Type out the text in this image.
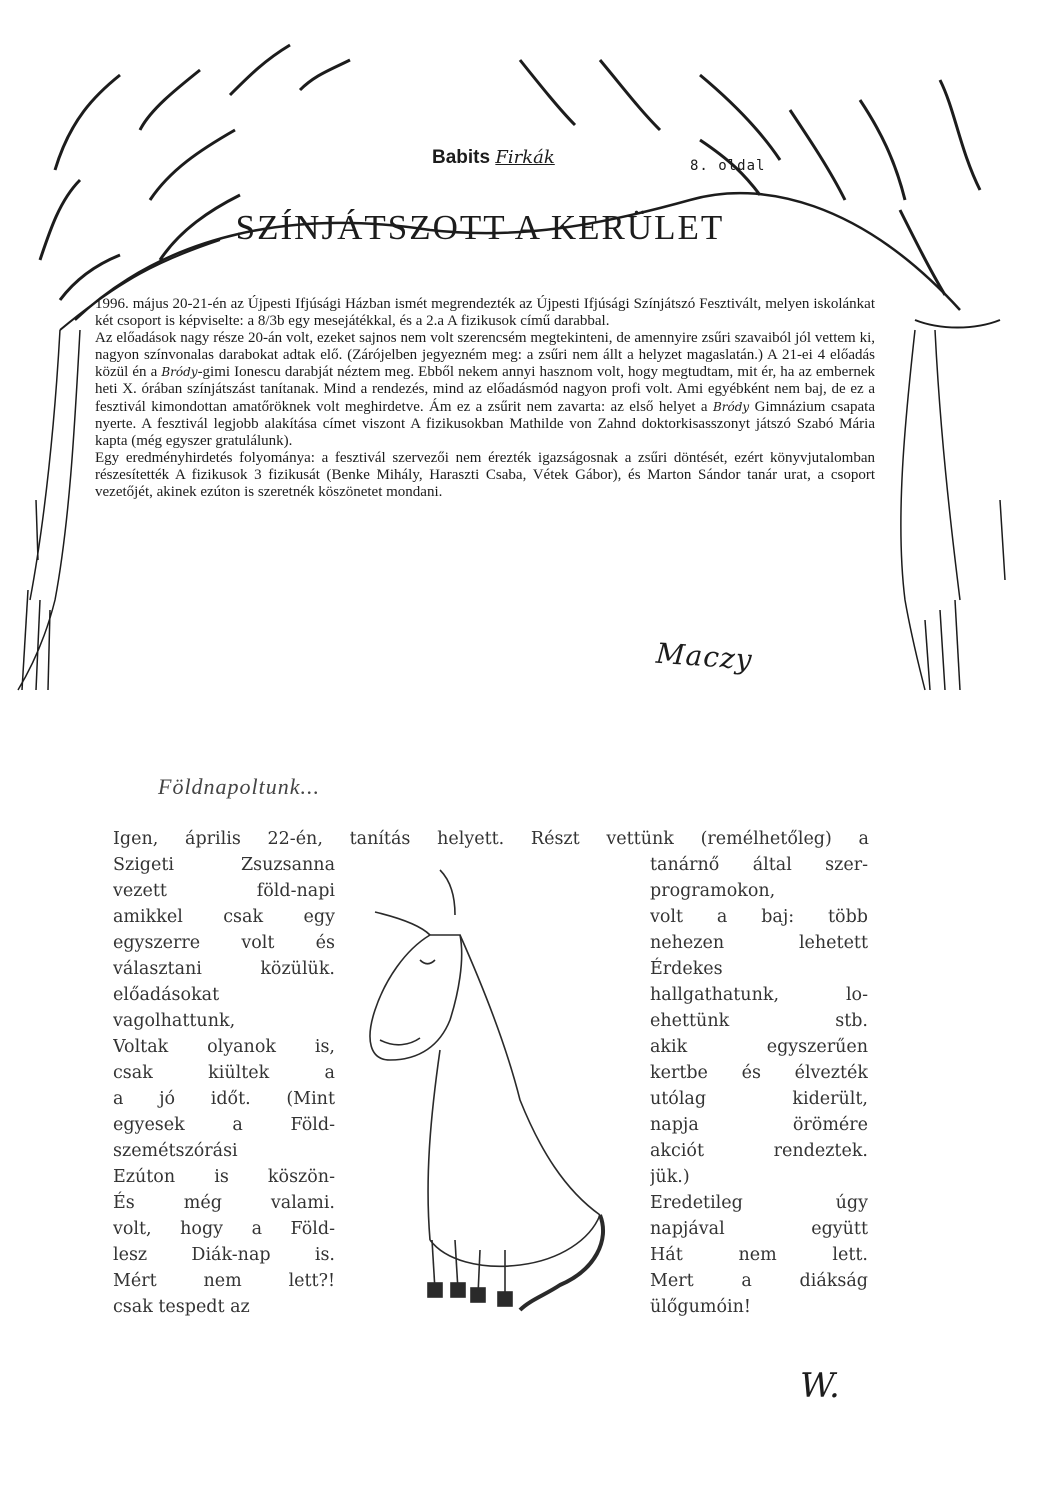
Babits Firkák	8. oldal
SZÍNJÁTSZOTT A KERÜLET

1996. május 20-21-én az Újpesti Ifjúsági Házban ismét megrendezték az Újpesti Ifjúsági Színjátszó Fesztivált, melyen iskolánkat két csoport is képviselte: a 8/3b egy mesejátékkal, és a 2.a A fizikusok című darabbal.

Az előadások nagy része 20-án volt, ezeket sajnos nem volt szerencsém megtekinteni, de amennyire zsűri szavaiból jól vettem ki, nagyon színvonalas darabokat adtak elő. (Zárójelben jegyezném meg: a zsűri nem állt a helyzet magaslatán.) A 21-ei 4 előadás közül én a Bródy-gimi Ionescu darabját néztem meg. Ebből nekem annyi hasznom volt, hogy megtudtam, mit ér, ha az embernek heti X. órában színjátszást tanítanak. Mind a rendezés, mind az előadásmód nagyon profi volt. Ami egyébként nem baj, de ez a fesztivál kimondottan amatőröknek volt meghirdetve. Ám ez a zsűrit nem zavarta: az első helyet a Bródy Gimnázium csapata nyerte. A fesztivál legjobb alakítása címet viszont A fizikusokban Mathilde von Zahnd doktorkisasszonyt játszó Szabó Mária kapta (még egyszer gratulálunk).

Egy eredményhirdetés folyománya: a fesztivál szervezői nem érezték igazságosnak a zsűri döntését, ezért könyvjutalomban részesítették A fizikusok 3 fizikusát (Benke Mihály, Haraszti Csaba, Vétek Gábor), és Marton Sándor tanár urat, a csoport vezetőjét, akinek ezúton is szeretnék köszönetet mondani.

Maczy
Földnapoltunk...
Igen, április 22-én, tanítás helyett. Részt vettünk (remélhetőleg) a
Szigeti Zsuzsanna
vezett föld-napi
amikkel csak egy
egyszerre volt és
választani közülük.
előadásokat
vagolhattunk,
Voltak olyanok is,
csak kiültek a
a jó időt. (Mint
egyesek a Föld-
szemétszórási
Ezúton is köszön-
És még valami.
volt, hogy a Föld-
lesz Diák-nap is.
Mért nem lett?!
csak tespedt az
tanárnő által szer-
programokon,
volt a baj: több
nehezen lehetett
Érdekes
hallgathatunk, lo-
ehettünk stb.
akik egyszerűen
kertbe és élvezték
utólag kiderült,
napja örömére
akciót rendeztek.
jük.)
Eredetileg úgy
napjával együtt
Hát nem lett.
Mert a diákság
ülőgumóin!
W.
